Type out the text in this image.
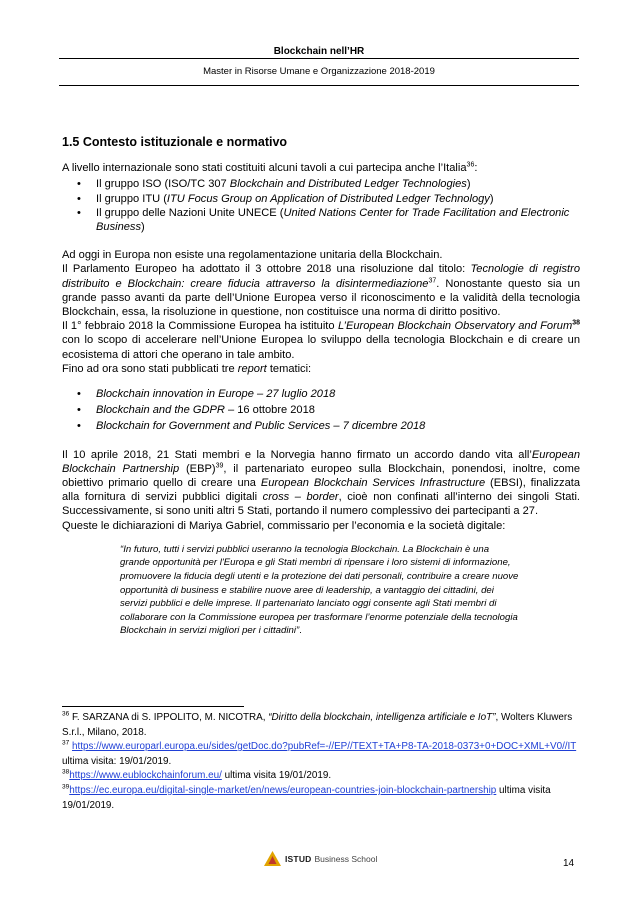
Blockchain nell’HR
Master in Risorse Umane e Organizzazione 2018-2019
1.5 Contesto istituzionale e normativo

A livello internazionale sono stati costituiti alcuni tavoli a cui partecipa anche l’Italia$^{36}$:

• Il gruppo ISO (ISO/TC 307 Blockchain and Distributed Ledger Technologies)
• Il gruppo ITU (ITU Focus Group on Application of Distributed Ledger Technology)
• Il gruppo delle Nazioni Unite UNECE (United Nations Center for Trade Facilitation and Electronic Business)

Ad oggi in Europa non esiste una regolamentazione unitaria della Blockchain.

Il Parlamento Europeo ha adottato il 3 ottobre 2018 una risoluzione dal titolo: Tecnologie di registro distribuito e Blockchain: creare fiducia attraverso la disintermediazione$^{37}$. Nonostante questo sia un grande passo avanti da parte dell’Unione Europea verso il riconoscimento e la validità della tecnologia Blockchain, essa, la risoluzione in questione, non costituisce una norma di diritto positivo.

Il 1° febbraio 2018 la Commissione Europea ha istituito L’European Blockchain Observatory and Forum$^{38}$ con lo scopo di accelerare nell’Unione Europea lo sviluppo della tecnologia Blockchain e di creare un ecosistema di attori che operano in tale ambito.

Fino ad ora sono stati pubblicati tre report tematici:

• Blockchain innovation in Europe – 27 luglio 2018
• Blockchain and the GDPR – 16 ottobre 2018
• Blockchain for Government and Public Services – 7 dicembre 2018

Il 10 aprile 2018, 21 Stati membri e la Norvegia hanno firmato un accordo dando vita all’European Blockchain Partnership (EBP)$^{39}$, il partenariato europeo sulla Blockchain, ponendosi, inoltre, come obiettivo primario quello di creare una European Blockchain Services Infrastructure (EBSI), finalizzata alla fornitura di servizi pubblici digitali cross – border, cioè non confinati all’interno dei singoli Stati. Successivamente, si sono uniti altri 5 Stati, portando il numero complessivo dei partecipanti a 27.

Queste le dichiarazioni di Mariya Gabriel, commissario per l’economia e la società digitale:

“In futuro, tutti i servizi pubblici useranno la tecnologia Blockchain. La Blockchain è una grande opportunità per l'Europa e gli Stati membri di ripensare i loro sistemi di informazione, promuovere la fiducia degli utenti e la protezione dei dati personali, contribuire a creare nuove opportunità di business e stabilire nuove aree di leadership, a vantaggio dei cittadini, dei servizi pubblici e delle imprese. Il partenariato lanciato oggi consente agli Stati membri di collaborare con la Commissione europea per trasformare l’enorme potenziale della tecnologia Blockchain in servizi migliori per i cittadini”.
$^{36}$ F. SARZANA di S. IPPOLITO, M. NICOTRA, “Diritto della blockchain, intelligenza artificiale e IoT”, Wolters Kluwers S.r.l., Milano, 2018.
$^{37}$ https://www.europarl.europa.eu/sides/getDoc.do?pubRef=-//EP//TEXT+TA+P8-TA-2018-0373+0+DOC+XML+V0//IT ultima visita: 19/01/2019.
$^{38}$https://www.eublockchainforum.eu/ ultima visita 19/01/2019.
$^{39}$https://ec.europa.eu/digital-single-market/en/news/european-countries-join-blockchain-partnership ultima visita 19/01/2019.
ISTUD Business School	14
